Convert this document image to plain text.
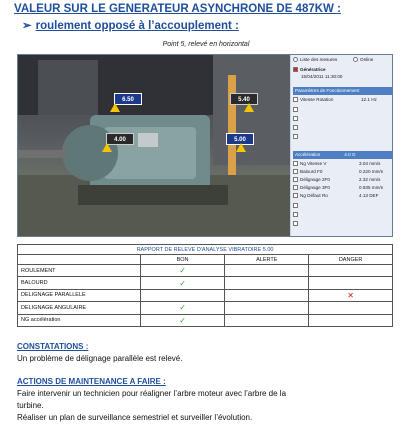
VALEUR SUR LE GENERATEUR ASYNCHRONE DE 487KW :
➢ roulement opposé à l’accouplement :
Point 5, relevé en horizontal
6.50	5.40
4.00	5.00
Liste des mesures	Online
Génératrice
15/04/2011 11:30:00
Paramètres de Fonctionnement
Vitesse Rotation	12.1 Hz
Accélération	4.0 G
Ng Vitesse V	3.04 mm/s
Balourd F0	0.220 mm/s
Délignage 2F0	2.32 mm/s
Délignage 3F0	0.935 mm/s
Ng Défaut Ro	4.13 DEF
RAPPORT DE RELEVE D'ANALYSE VIBRATOIRE 5.00			
	BON	ALERTE	DANGER
ROULEMENT	✓		
BALOURD	✓		
DELIGNAGE PARALLELE			✕
DELIGNAGE ANGULAIRE	✓		
NG accélération	✓		
CONSTATATIONS :
Un problème de délignage parallèle est relevé.
ACTIONS DE MAINTENANCE A FAIRE :
Faire intervenir un technicien pour réaligner l’arbre moteur avec l’arbre de la
turbine.
Réaliser un plan de surveillance semestriel et surveiller l’évolution.
